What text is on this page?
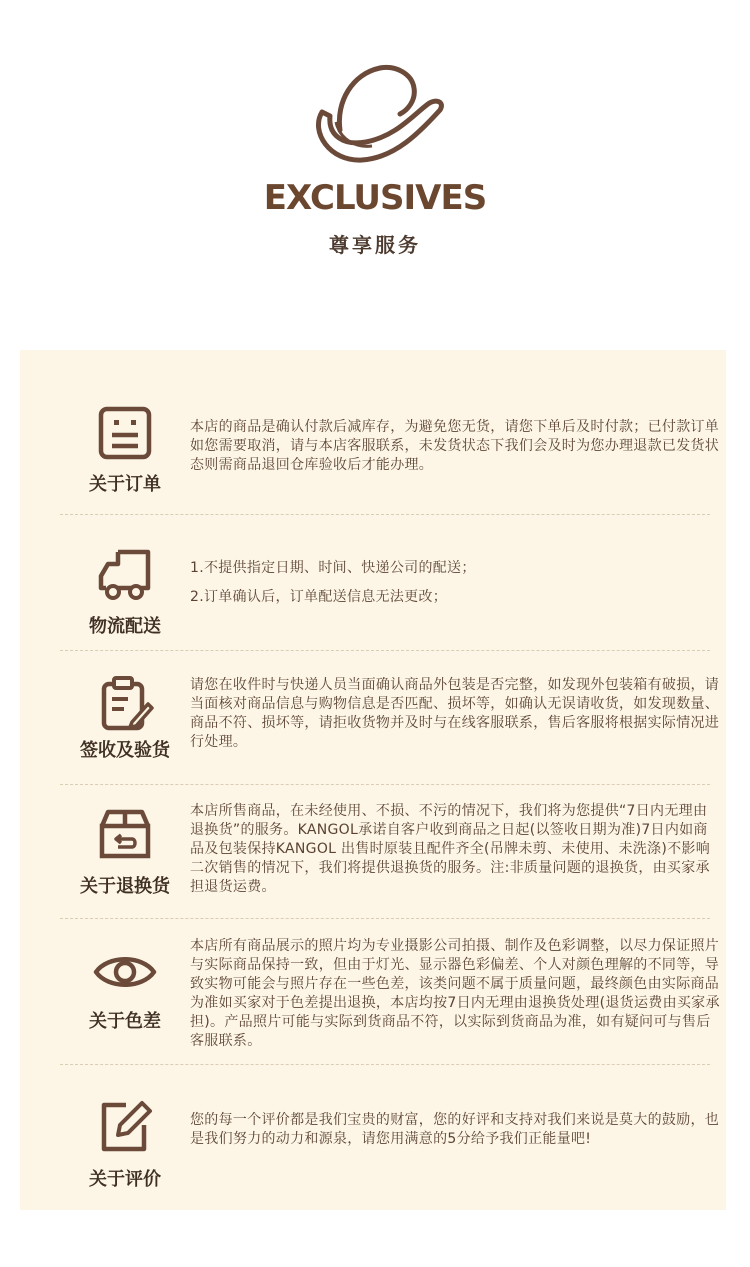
EXCLUSIVES
尊享服务
关于订单

本店的商品是确认付款后减库存，为避免您无货，请您下单后及时付款；已付款订单如您需要取消，请与本店客服联系，未发货状态下我们会及时为您办理退款已发货状态则需商品退回仓库验收后才能办理。

物流配送

1.不提供指定日期、时间、快递公司的配送；

2.订单确认后，订单配送信息无法更改；

签收及验货

请您在收件时与快递人员当面确认商品外包装是否完整，如发现外包装箱有破损，请当面核对商品信息与购物信息是否匹配、损坏等，如确认无误请收货，如发现数量、商品不符、损坏等，请拒收货物并及时与在线客服联系，售后客服将根据实际情况进行处理。

关于退换货

本店所售商品，在未经使用、不损、不污的情况下，我们将为您提供“7日内无理由退换货”的服务。KANGOL承诺自客户收到商品之日起(以签收日期为准)7日内如商品及包装保持KANGOL 出售时原装且配件齐全(吊牌未剪、未使用、未洗涤)不影响二次销售的情况下，我们将提供退换货的服务。注:非质量问题的退换货，由买家承担退货运费。

关于色差

本店所有商品展示的照片均为专业摄影公司拍摄、制作及色彩调整，以尽力保证照片与实际商品保持一致，但由于灯光、显示器色彩偏差、个人对颜色理解的不同等，导致实物可能会与照片存在一些色差，该类问题不属于质量问题，最终颜色由实际商品为准如买家对于色差提出退换，本店均按7日内无理由退换货处理(退货运费由买家承担)。产品照片可能与实际到货商品不符，以实际到货商品为准，如有疑问可与售后客服联系。

关于评价

您的每一个评价都是我们宝贵的财富，您的好评和支持对我们来说是莫大的鼓励，也是我们努力的动力和源泉，请您用满意的5分给予我们正能量吧!
